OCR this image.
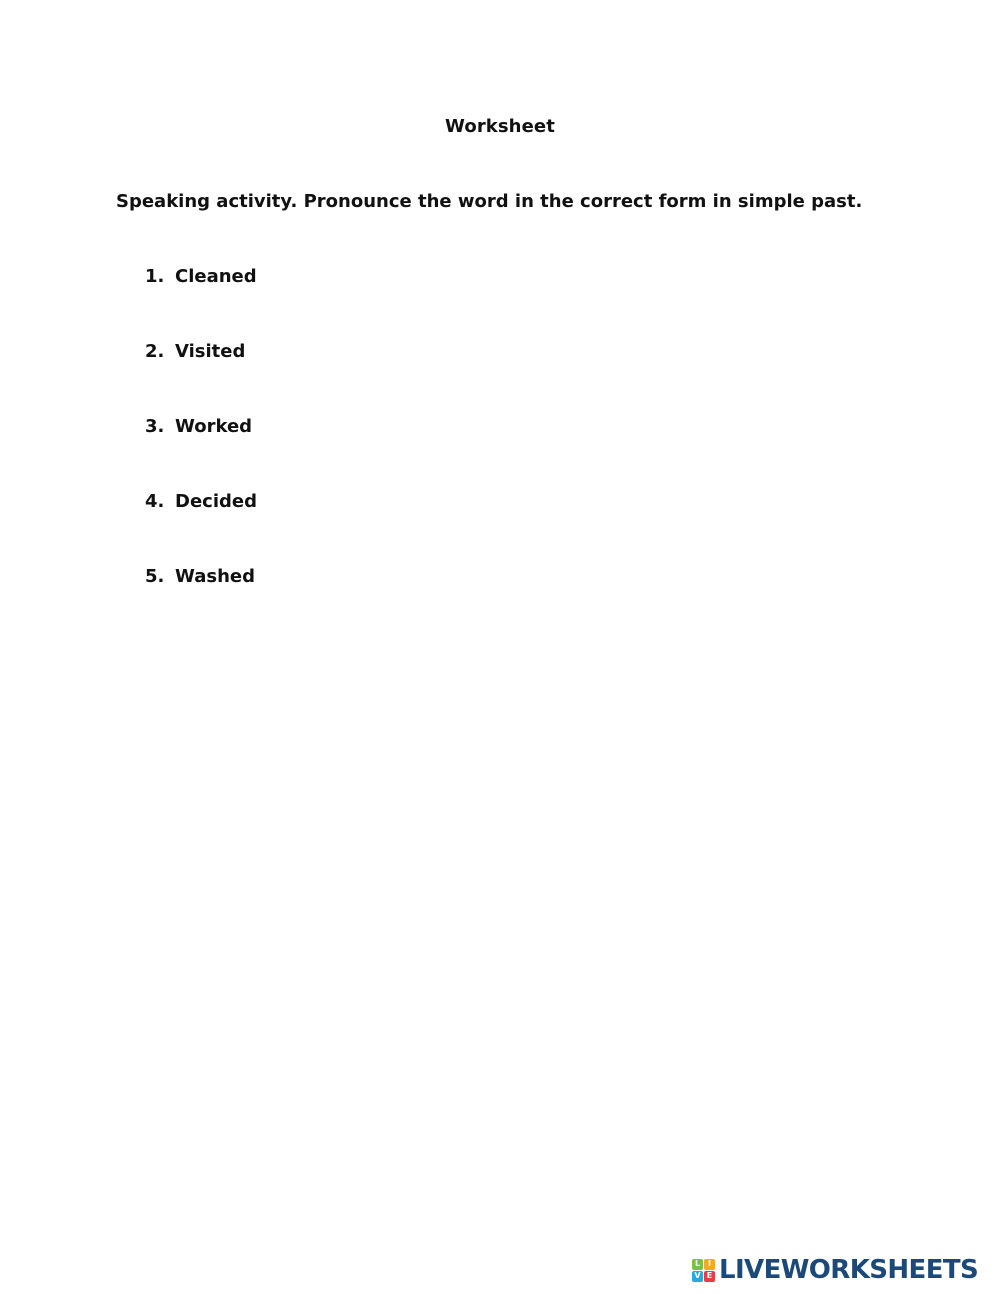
Worksheet
Speaking activity. Pronounce the word in the correct form in simple past.
1. Cleaned
2. Visited
3. Worked
4. Decided
5. Washed
L I
V E LIVEWORKSHEETS
